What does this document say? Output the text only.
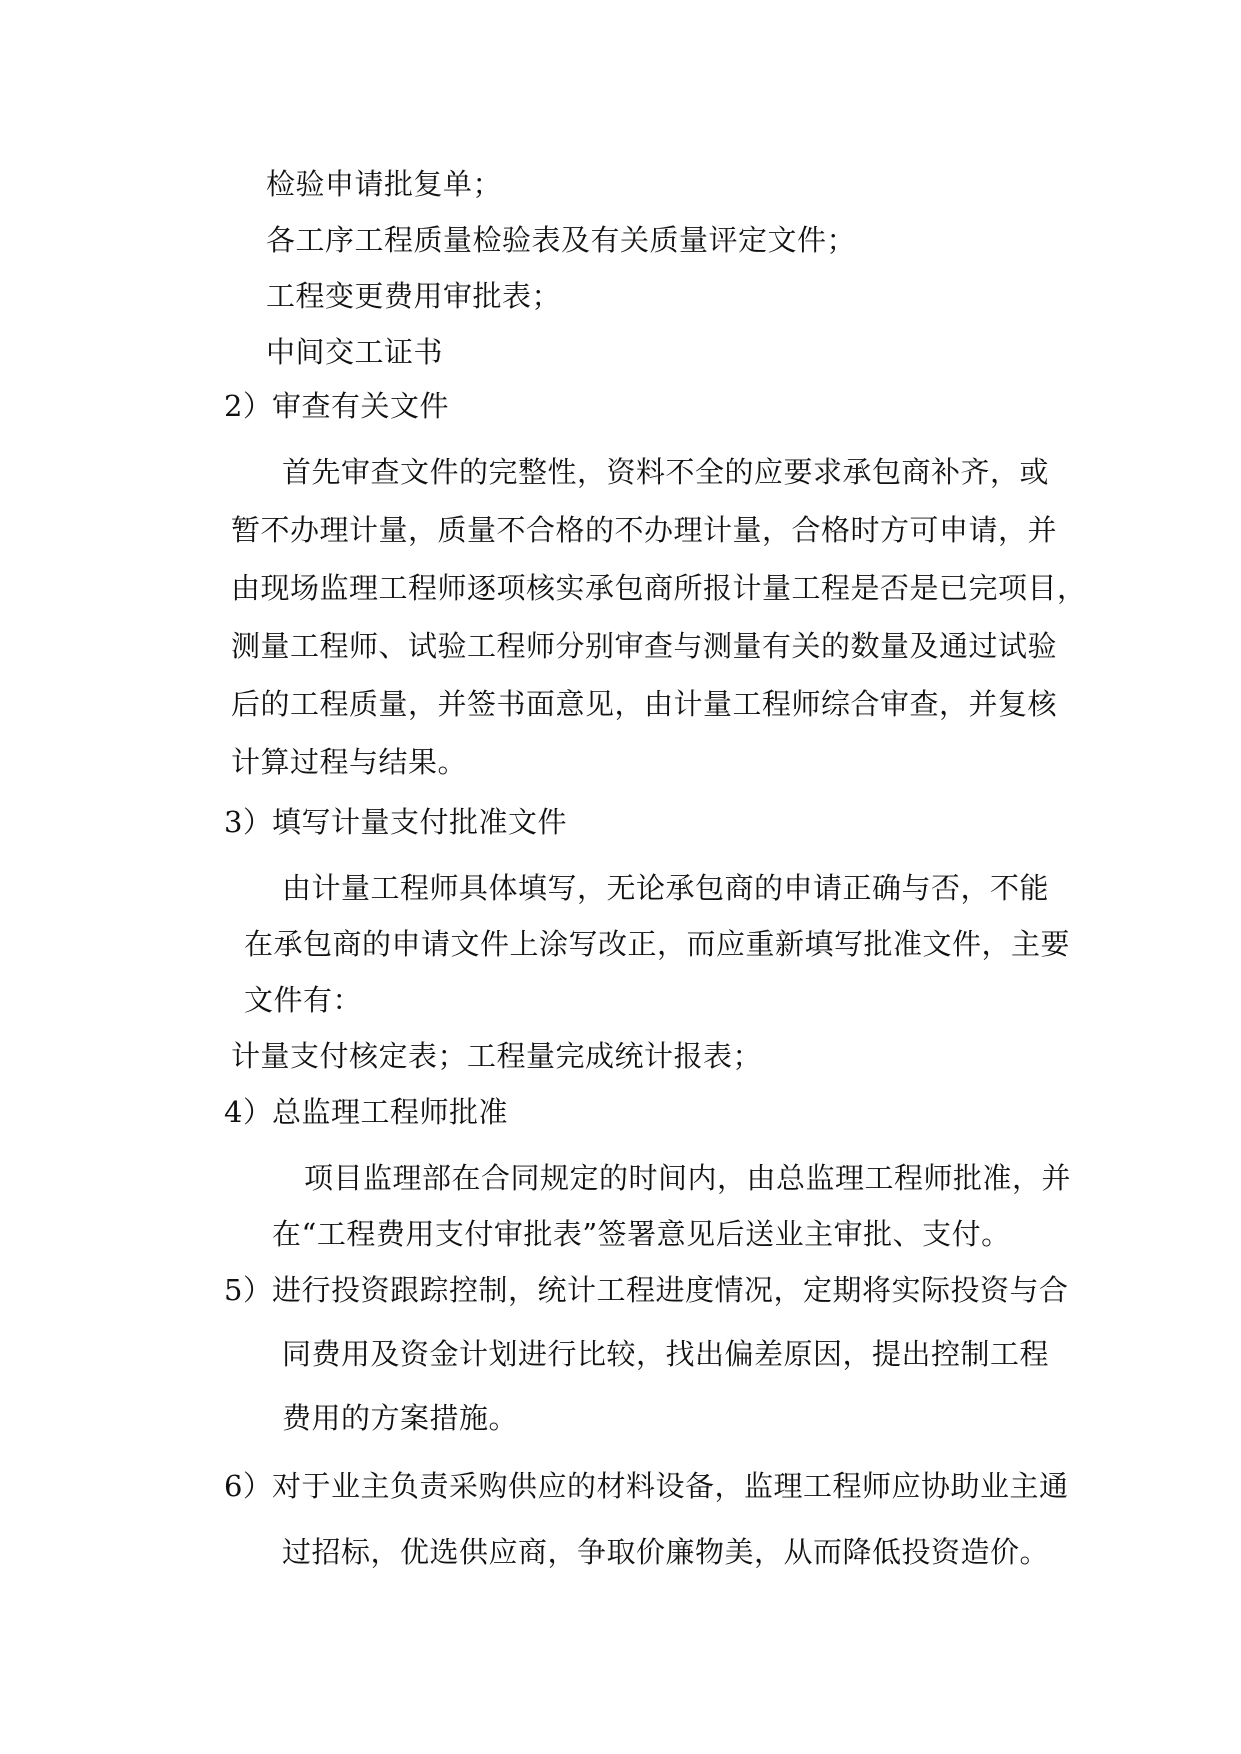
检验申请批复单；
各工序工程质量检验表及有关质量评定文件；
工程变更费用审批表；
中间交工证书
2）审查有关文件
首先审查文件的完整性，资料不全的应要求承包商补齐，或
暂不办理计量，质量不合格的不办理计量，合格时方可申请，并
由现场监理工程师逐项核实承包商所报计量工程是否是已完项目，
测量工程师、试验工程师分别审查与测量有关的数量及通过试验
后的工程质量，并签书面意见，由计量工程师综合审查，并复核
计算过程与结果。
3）填写计量支付批准文件
由计量工程师具体填写，无论承包商的申请正确与否，不能
在承包商的申请文件上涂写改正，而应重新填写批准文件，主要
文件有：
计量支付核定表；工程量完成统计报表；
4）总监理工程师批准
项目监理部在合同规定的时间内，由总监理工程师批准，并
在“工程费用支付审批表”签署意见后送业主审批、支付。
5）进行投资跟踪控制，统计工程进度情况，定期将实际投资与合
同费用及资金计划进行比较，找出偏差原因，提出控制工程
费用的方案措施。
6）对于业主负责采购供应的材料设备，监理工程师应协助业主通
过招标，优选供应商，争取价廉物美，从而降低投资造价。
